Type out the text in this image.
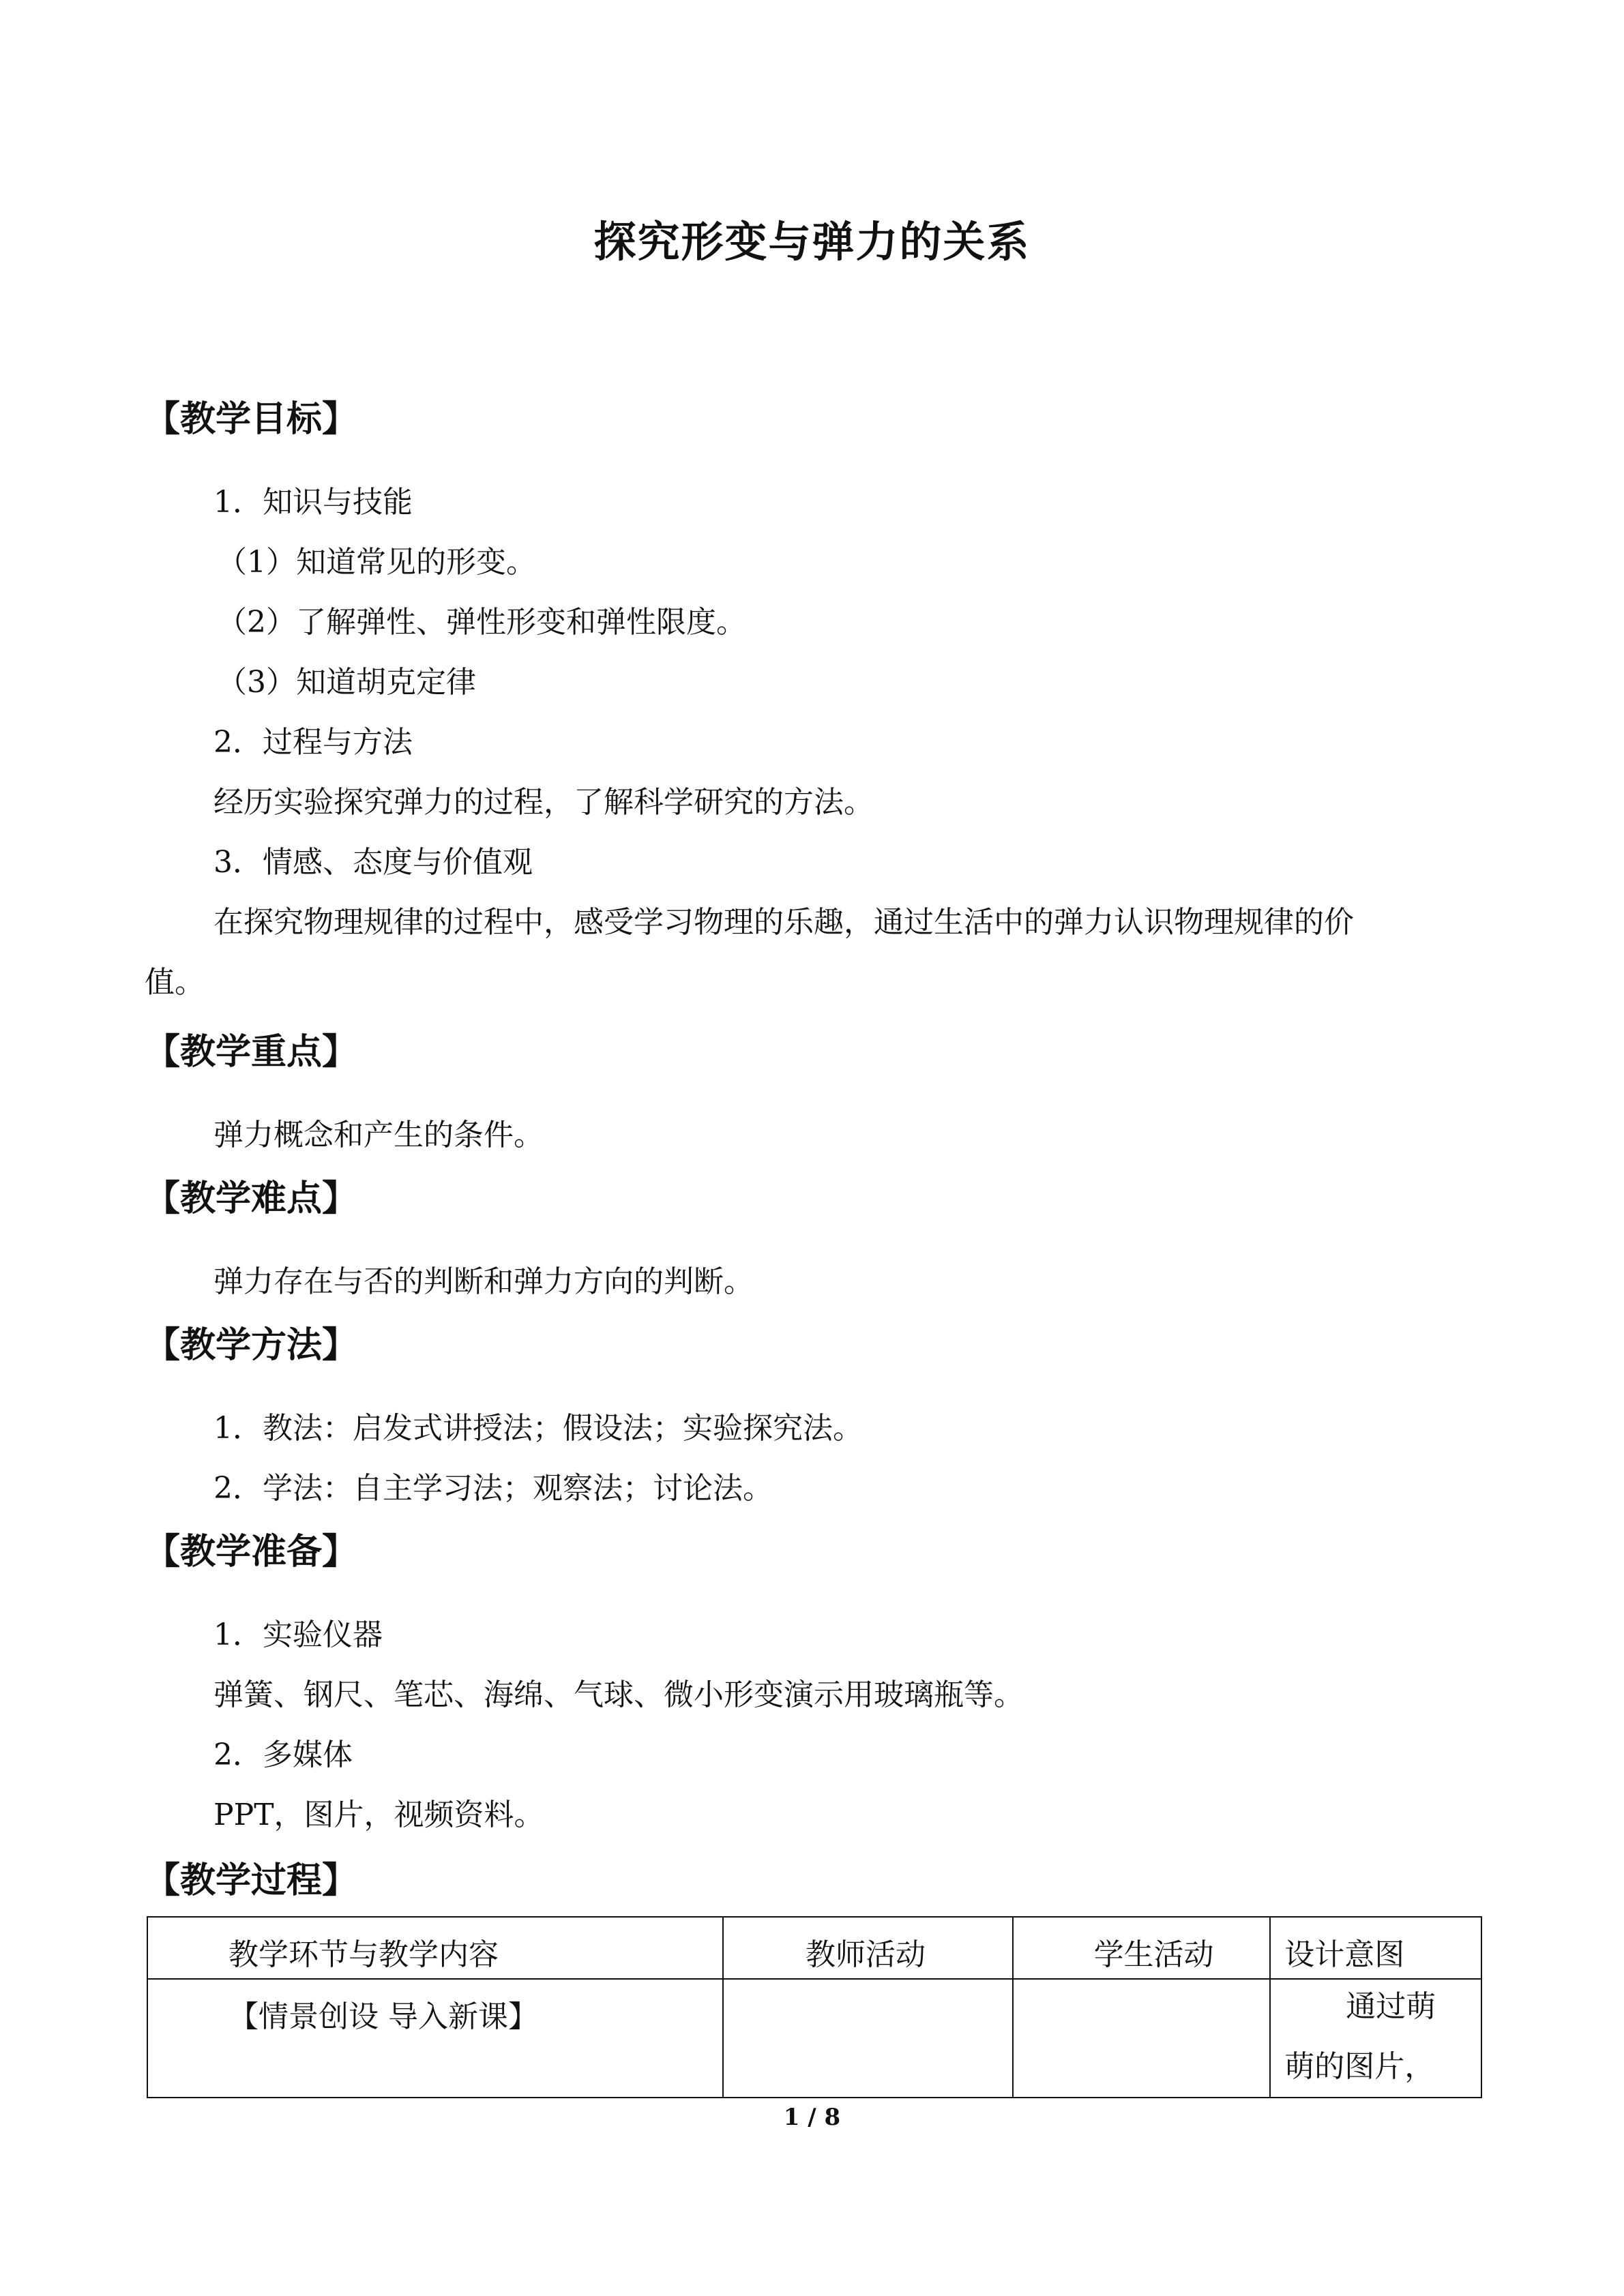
探究形变与弹力的关系
【教学目标】
1．知识与技能
（1）知道常见的形变。
（2）了解弹性、弹性形变和弹性限度。
（3）知道胡克定律
2．过程与方法
经历实验探究弹力的过程，了解科学研究的方法。
3．情感、态度与价值观
在探究物理规律的过程中，感受学习物理的乐趣，通过生活中的弹力认识物理规律的价
值。
【教学重点】
弹力概念和产生的条件。
【教学难点】
弹力存在与否的判断和弹力方向的判断。
【教学方法】
1．教法：启发式讲授法；假设法；实验探究法。
2．学法：自主学习法；观察法；讨论法。
【教学准备】
1．实验仪器
弹簧、钢尺、笔芯、海绵、气球、微小形变演示用玻璃瓶等。
2．多媒体
PPT，图片，视频资料。
【教学过程】
教学环节与教学内容	教师活动	学生活动	设计意图

【情景创设 导入新课】			通过萌
萌的图片，
1 / 8
